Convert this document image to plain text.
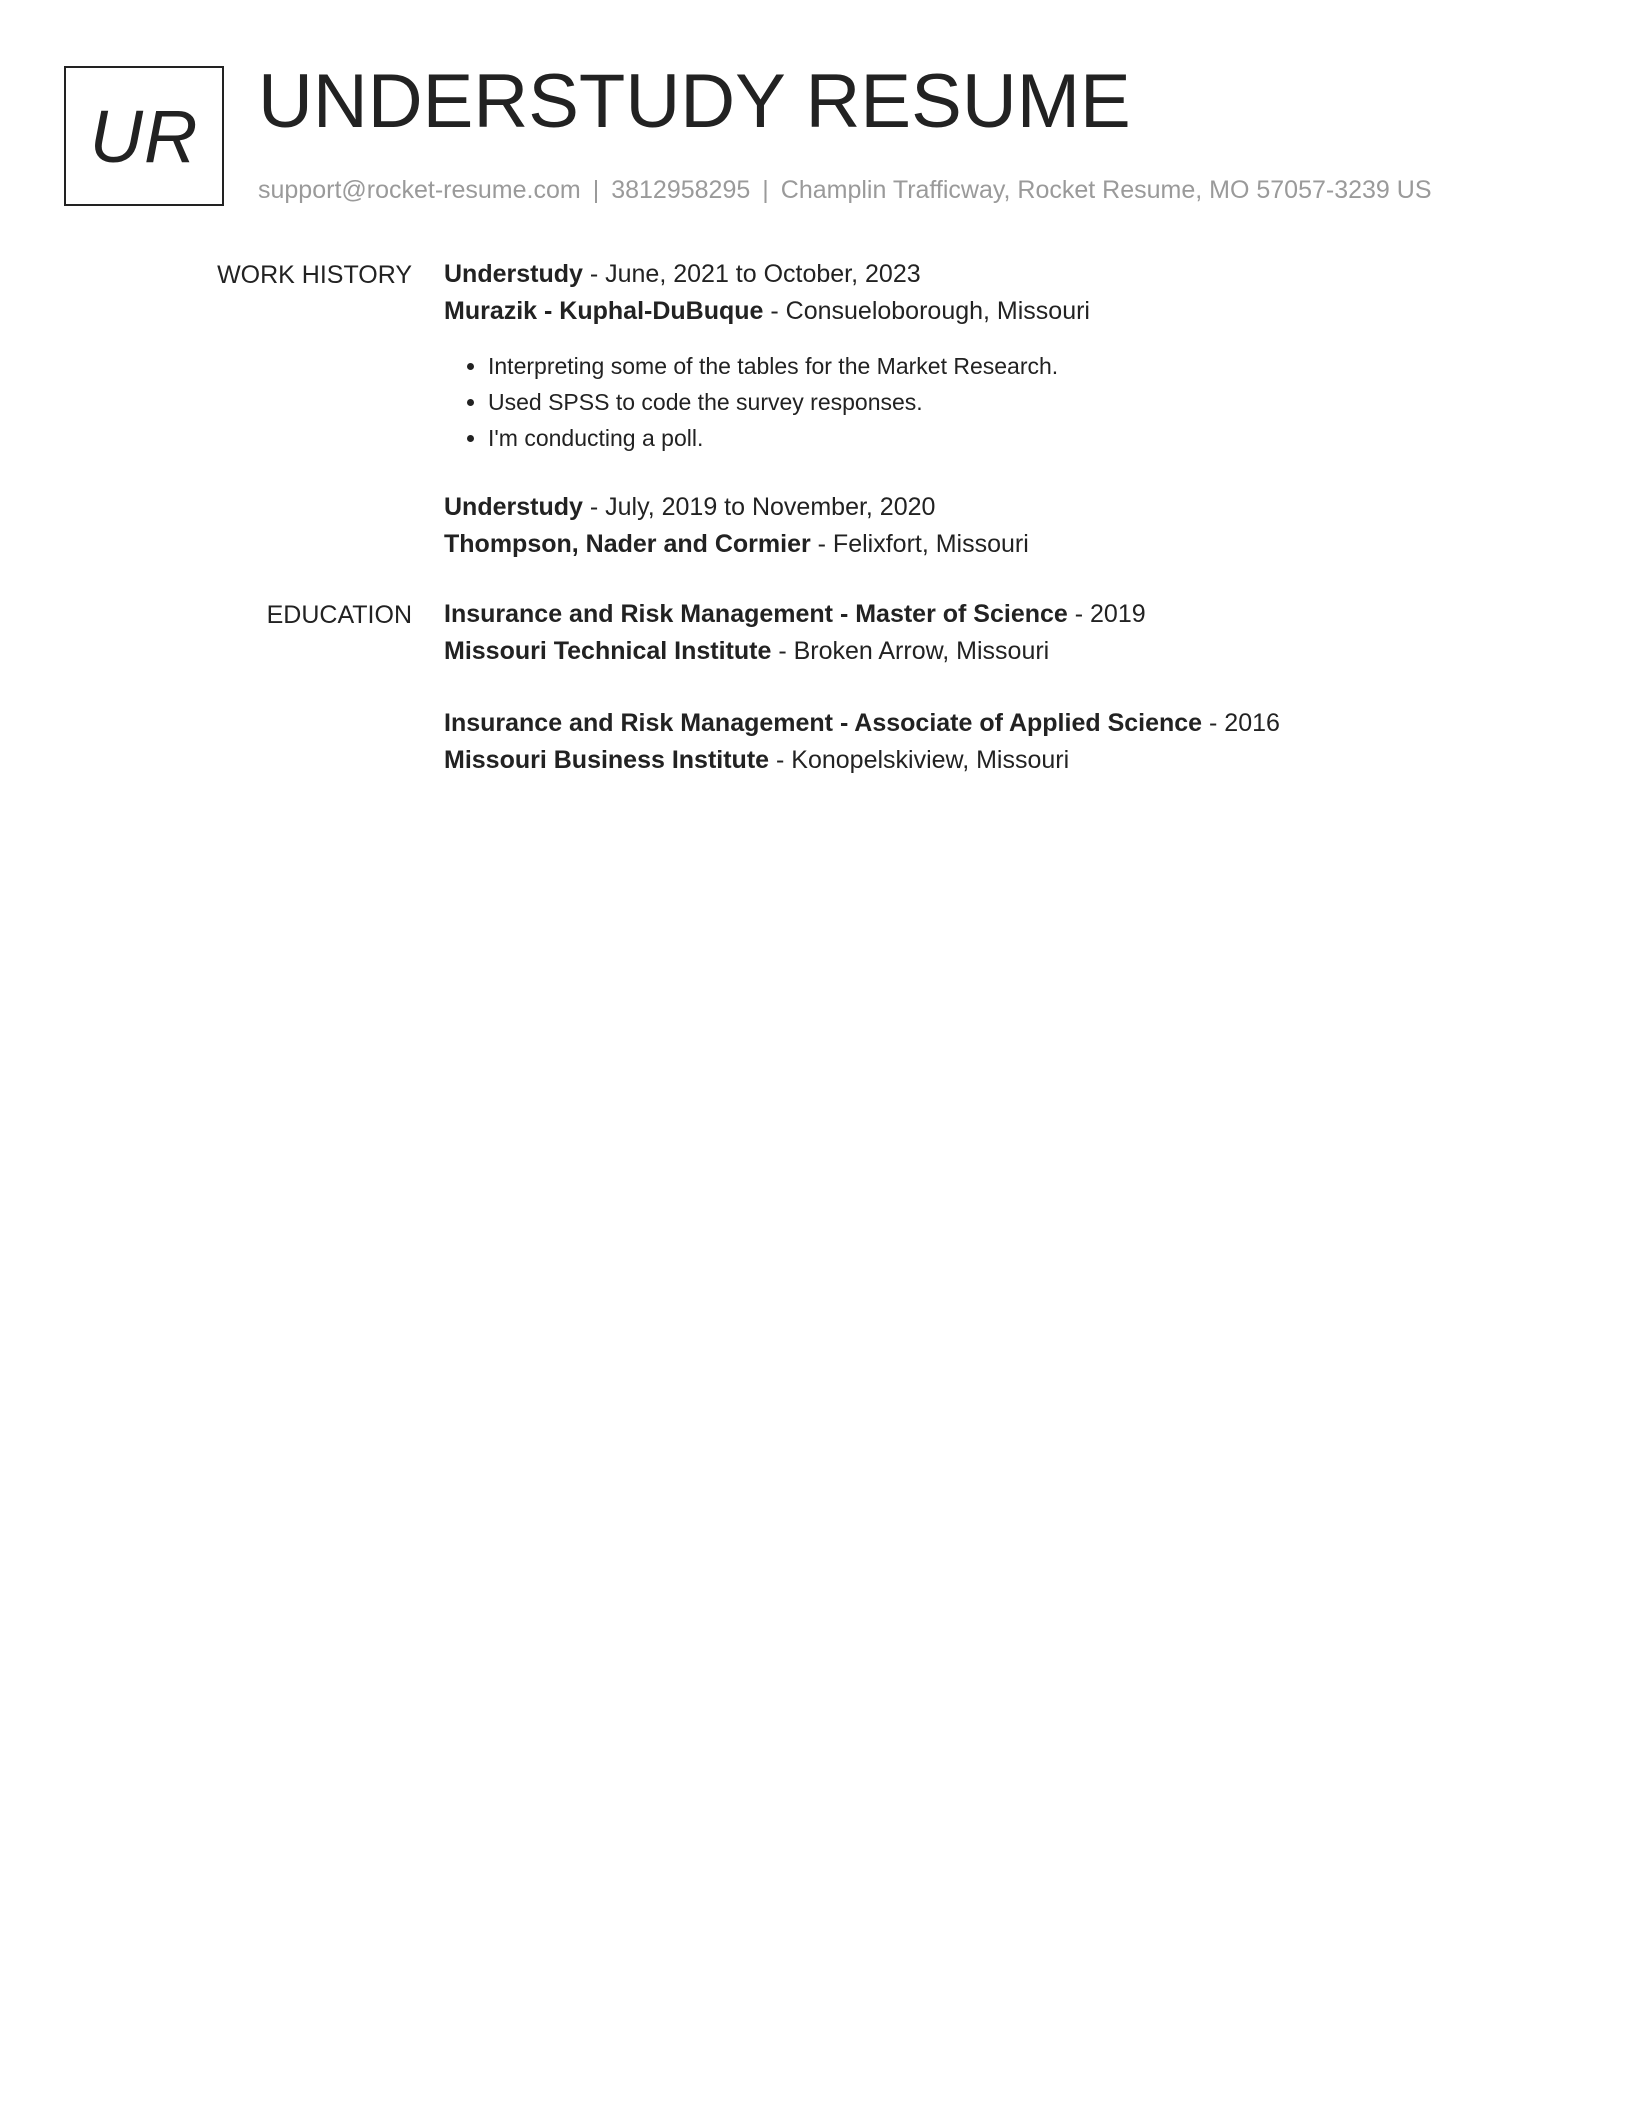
UR UNDERSTUDY RESUME
support@rocket-resume.com | 3812958295 | Champlin Trafficway, Rocket Resume, MO 57057-3239 US
WORK HISTORY Understudy - June, 2021 to October, 2023
Murazik - Kuphal-DuBuque - Consueloborough, Missouri
• Interpreting some of the tables for the Market Research.
• Used SPSS to code the survey responses.
• I'm conducting a poll.
Understudy - July, 2019 to November, 2020
Thompson, Nader and Cormier - Felixfort, Missouri
EDUCATION Insurance and Risk Management - Master of Science - 2019
Missouri Technical Institute - Broken Arrow, Missouri
Insurance and Risk Management - Associate of Applied Science - 2016
Missouri Business Institute - Konopelskiview, Missouri
